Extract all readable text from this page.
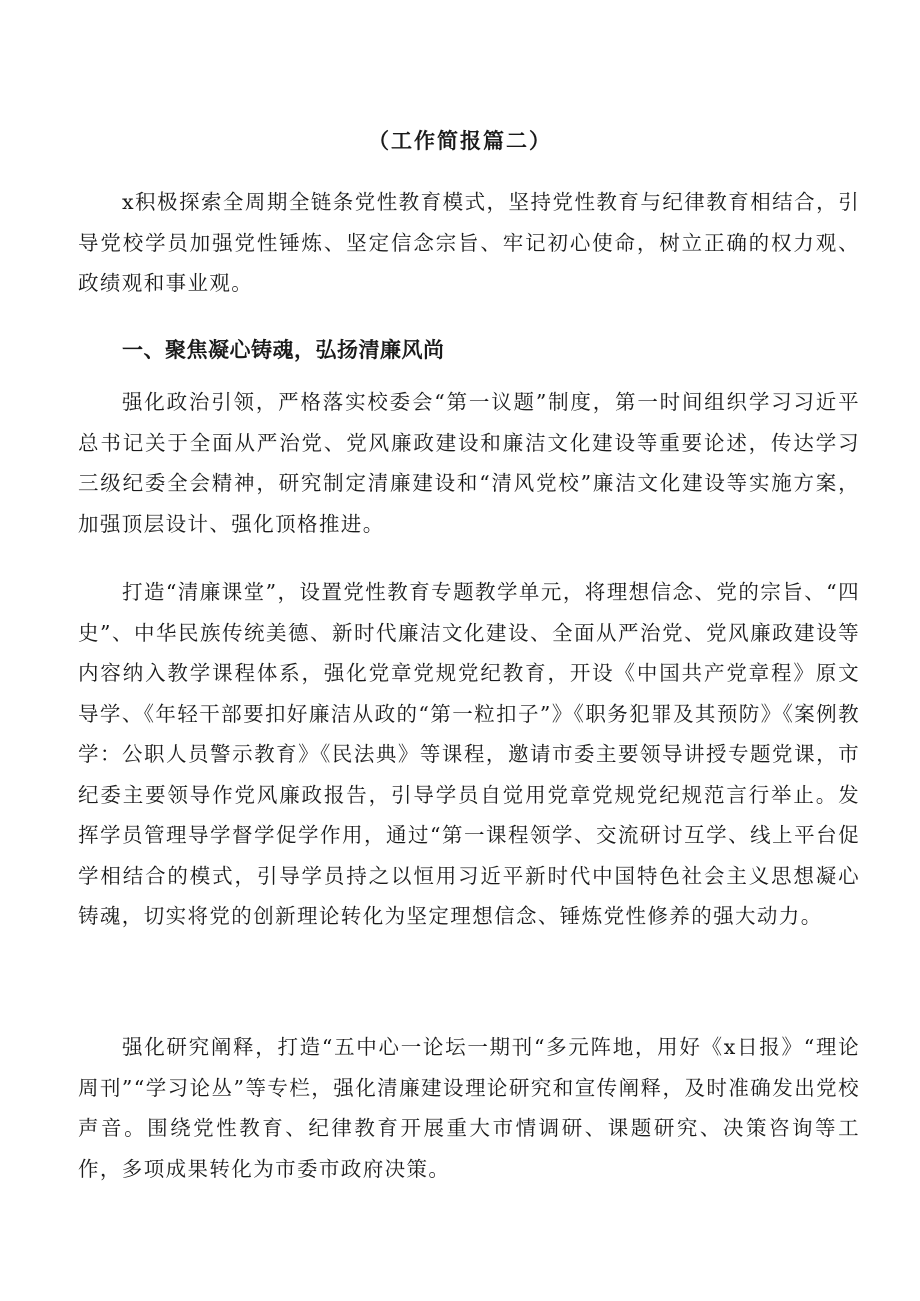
（工作简报篇二）

x积极探索全周期全链条党性教育模式，坚持党性教育与纪律教育相结合，引导党校学员加强党性锤炼、坚定信念宗旨、牢记初心使命，树立正确的权力观、政绩观和事业观。

一、聚焦凝心铸魂，弘扬清廉风尚

强化政治引领，严格落实校委会“第一议题”制度，第一时间组织学习习近平总书记关于全面从严治党、党风廉政建设和廉洁文化建设等重要论述，传达学习三级纪委全会精神，研究制定清廉建设和“清风党校”廉洁文化建设等实施方案，加强顶层设计、强化顶格推进。

打造“清廉课堂”，设置党性教育专题教学单元，将理想信念、党的宗旨、“四史”、中华民族传统美德、新时代廉洁文化建设、全面从严治党、党风廉政建设等内容纳入教学课程体系，强化党章党规党纪教育，开设《中国共产党章程》原文导学、《年轻干部要扣好廉洁从政的“第一粒扣子”》《职务犯罪及其预防》《案例教学：公职人员警示教育》《民法典》等课程，邀请市委主要领导讲授专题党课，市纪委主要领导作党风廉政报告，引导学员自觉用党章党规党纪规范言行举止。发挥学员管理导学督学促学作用，通过“第一课程领学、交流研讨互学、线上平台促学相结合的模式，引导学员持之以恒用习近平新时代中国特色社会主义思想凝心铸魂，切实将党的创新理论转化为坚定理想信念、锤炼党性修养的强大动力。

强化研究阐释，打造“五中心一论坛一期刊“多元阵地，用好《x日报》“理论周刊”“学习论丛”等专栏，强化清廉建设理论研究和宣传阐释，及时准确发出党校声音。围绕党性教育、纪律教育开展重大市情调研、课题研究、决策咨询等工作，多项成果转化为市委市政府决策。
